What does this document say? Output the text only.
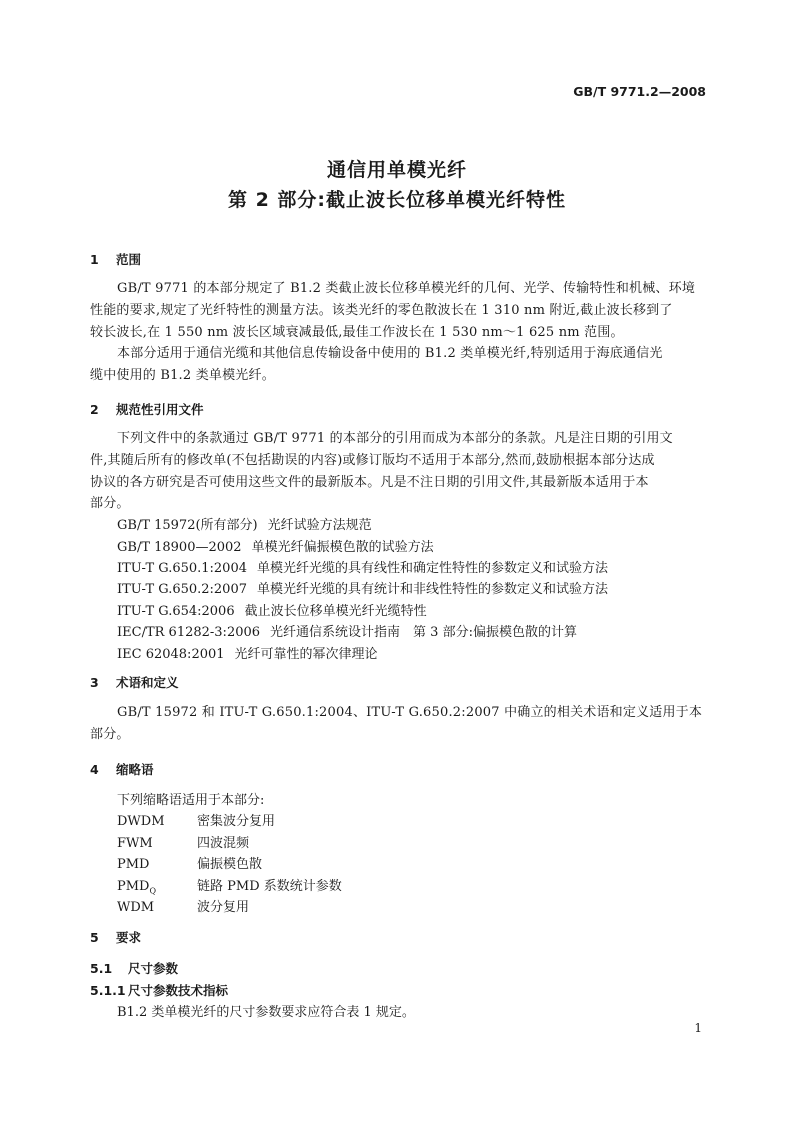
GB/T 9771.2—2008
通信用单模光纤
第 2 部分:截止波长位移单模光纤特性
1 范围
GB/T 9771 的本部分规定了 B1.2 类截止波长位移单模光纤的几何、光学、传输特性和机械、环境
性能的要求,规定了光纤特性的测量方法。该类光纤的零色散波长在 1 310 nm 附近,截止波长移到了
较长波长,在 1 550 nm 波长区域衰减最低,最佳工作波长在 1 530 nm～1 625 nm 范围。
本部分适用于通信光缆和其他信息传输设备中使用的 B1.2 类单模光纤,特别适用于海底通信光
缆中使用的 B1.2 类单模光纤。
2 规范性引用文件
下列文件中的条款通过 GB/T 9771 的本部分的引用而成为本部分的条款。凡是注日期的引用文
件,其随后所有的修改单(不包括勘误的内容)或修订版均不适用于本部分,然而,鼓励根据本部分达成
协议的各方研究是否可使用这些文件的最新版本。凡是不注日期的引用文件,其最新版本适用于本
部分。
GB/T 15972(所有部分) 光纤试验方法规范
GB/T 18900—2002 单模光纤偏振模色散的试验方法
ITU-T G.650.1:2004 单模光纤光缆的具有线性和确定性特性的参数定义和试验方法
ITU-T G.650.2:2007 单模光纤光缆的具有统计和非线性特性的参数定义和试验方法
ITU-T G.654:2006 截止波长位移单模光纤光缆特性
IEC/TR 61282-3:2006 光纤通信系统设计指南　第 3 部分:偏振模色散的计算
IEC 62048:2001 光纤可靠性的幂次律理论
3 术语和定义
GB/T 15972 和 ITU-T G.650.1:2004、ITU-T G.650.2:2007 中确立的相关术语和定义适用于本
部分。
4 缩略语
下列缩略语适用于本部分:
DWDM 密集波分复用
FWM	四波混频
PMD	偏振模色散
$PMD_Q$	链路 PMD 系数统计参数
WDM	波分复用
5 要求
5.1 尺寸参数
5.1.1 尺寸参数技术指标
B1.2 类单模光纤的尺寸参数要求应符合表 1 规定。
1
